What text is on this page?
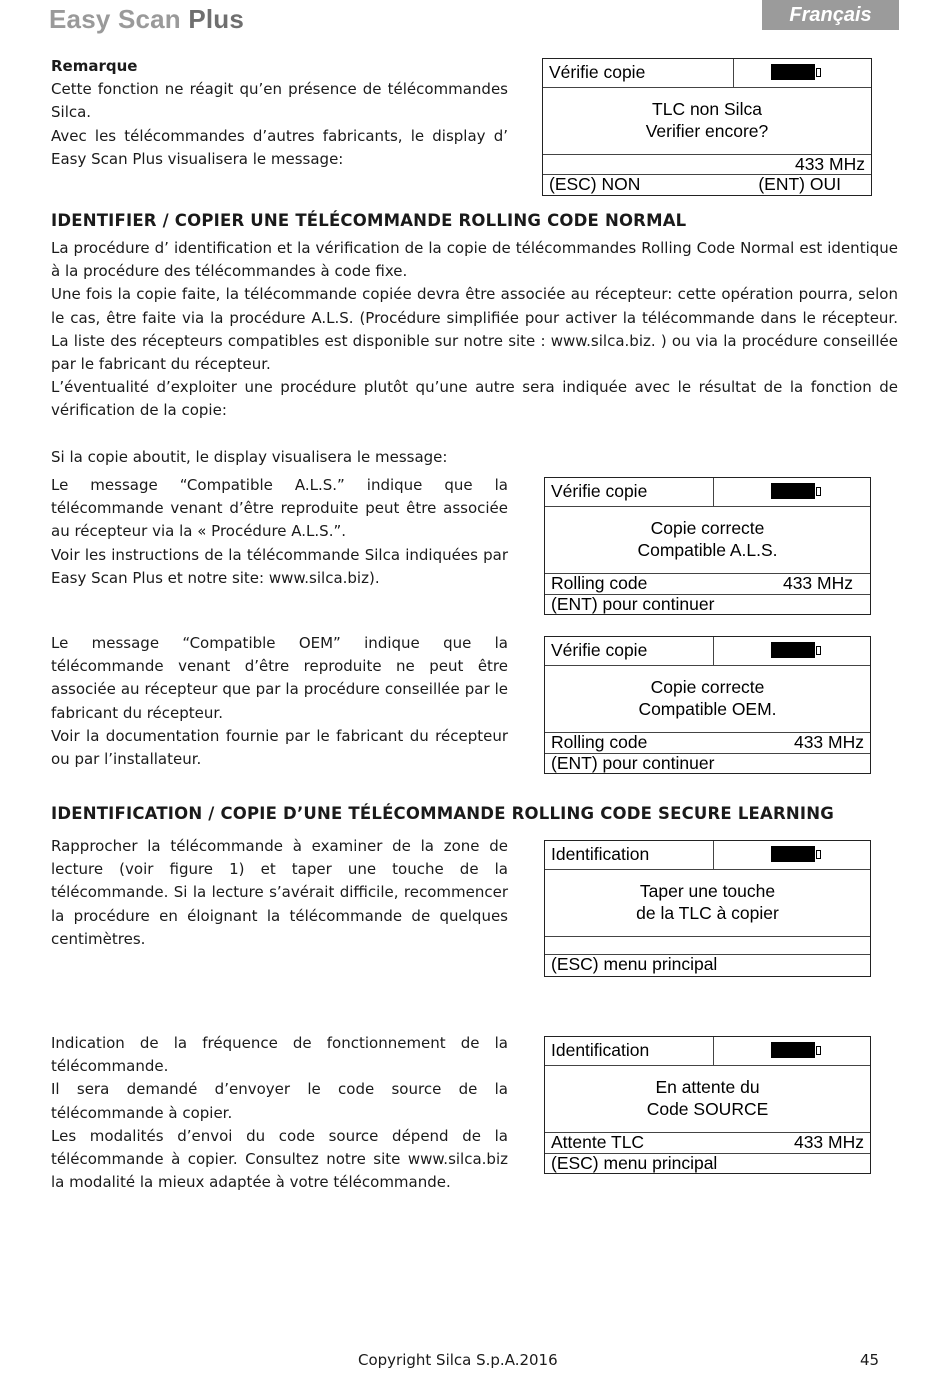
Easy Scan Plus	Français

Remarque

Cette fonction ne réagit qu’en présence de télécommandes Silca.

Avec les télécommandes d’autres fabricants, le display d’ Easy Scan Plus visualisera le message:

Vérifie copie
TLC non Silca
Verifier encore?
433 MHz
(ESC) NON	(ENT) OUI
IDENTIFIER / COPIER UNE TÉLÉCOMMANDE ROLLING CODE NORMAL

La procédure d’ identification et la vérification de la copie de télécommandes Rolling Code Normal est identique à la procédure des télécommandes à code fixe.

Une fois la copie faite, la télécommande copiée devra être associée au récepteur: cette opération pourra, selon le cas, être faite via la procédure A.L.S. (Procédure simplifiée pour activer la télécommande dans le récepteur. La liste des récepteurs compatibles est disponible sur notre site : www.silca.biz. ) ou via la procédure conseillée par le fabricant du récepteur.

L’éventualité d’exploiter une procédure plutôt qu’une autre sera indiquée avec le résultat de la fonction de vérification de la copie:

Si la copie aboutit, le display visualisera le message:

Le message “Compatible A.L.S.” indique que la télécommande venant d’être reproduite peut être associée au récepteur via la « Procédure A.L.S.”.

Voir les instructions de la télécommande Silca indiquées par Easy Scan Plus et notre site: www.silca.biz).

Vérifie copie
Copie correcte
Compatible A.L.S.
Rolling code	433 MHz
(ENT) pour continuer

Le message “Compatible OEM” indique que la télécommande venant d’être reproduite ne peut être associée au récepteur que par la procédure conseillée par le fabricant du récepteur.

Voir la documentation fournie par le fabricant du récepteur ou par l’installateur.

Vérifie copie
Copie correcte
Compatible OEM.
Rolling code	433 MHz
(ENT) pour continuer
IDENTIFICATION / COPIE D’UNE TÉLÉCOMMANDE ROLLING CODE SECURE LEARNING
Rapprocher la télécommande à examiner de la zone de lecture (voir figure 1) et taper une touche de la télécommande. Si la lecture s’avérait difficile, recommencer la procédure en éloignant la télécommande de quelques centimètres.
Identification
Taper une touche
de la TLC à copier
(ESC) menu principal

Indication de la fréquence de fonctionnement de la télécommande.

Il sera demandé d’envoyer le code source de la télécommande à copier.

Les modalités d’envoi du code source dépend de la télécommande à copier. Consultez notre site www.silca.biz la modalité la mieux adaptée à votre télécommande.

Identification
En attente du
Code SOURCE
Attente TLC	433 MHz
(ESC) menu principal
Copyright Silca S.p.A.2016	45
